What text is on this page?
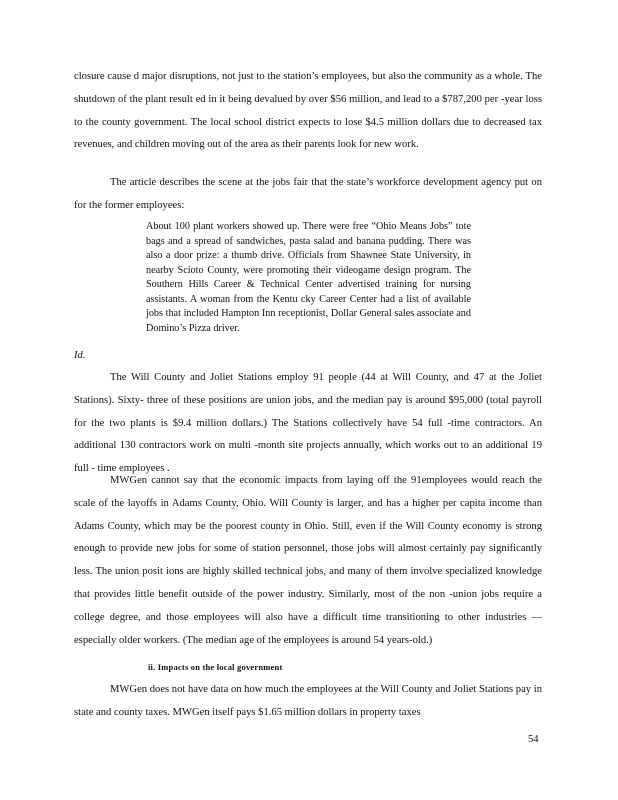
closure cause d major disruptions, not just to the station’s employees, but also the community as a whole. The shutdown of the plant result ed in it being devalued by over $56 million, and lead to a $787,200 per -year loss to the county government. The local school district expects to lose $4.5 million dollars due to decreased tax revenues, and children moving out of the area as their parents look for new work.

The article describes the scene at the jobs fair that the state’s workforce development agency put on for the former employees:

About 100 plant workers showed up. There were free “Ohio Means Jobs” tote bags and a spread of sandwiches, pasta salad and banana pudding. There was also a door prize: a thumb drive. Officials from Shawnee State University, in nearby Scioto County, were promoting their videogame design program. The Southern Hills Career & Technical Center advertised training for nursing assistants. A woman from the Kentu cky Career Center had a list of available jobs that included Hampton Inn receptionist, Dollar General sales associate and Domino’s Pizza driver.

Id.

The Will County and Joliet Stations employ 91 people (44 at Will County, and 47 at the Joliet Stations). Sixty- three of these positions are union jobs, and the median pay is around $95,000 (total payroll for the two plants is $9.4 million dollars.) The Stations collectively have 54 full -time contractors. An additional 130 contractors work on multi -month site projects annually, which works out to an additional 19 full - time employees .

MWGen cannot say that the economic impacts from laying off the 91employees would reach the scale of the layoffs in Adams County, Ohio. Will County is larger, and has a higher per capita income than Adams County, which may be the poorest county in Ohio. Still, even if the Will County economy is strong enough to provide new jobs for some of station personnel, those jobs will almost certainly pay significantly less. The union posit ions are highly skilled technical jobs, and many of them involve specialized knowledge that provides little benefit outside of the power industry. Similarly, most of the non -union jobs require a college degree, and those employees will also have a difficult time transitioning to other industries — especially older workers. (The median age of the employees is around 54 years-old.)

ii. Impacts on the local government

MWGen does not have data on how much the employees at the Will County and Joliet Stations pay in state and county taxes. MWGen itself pays $1.65 million dollars in property taxes

54
